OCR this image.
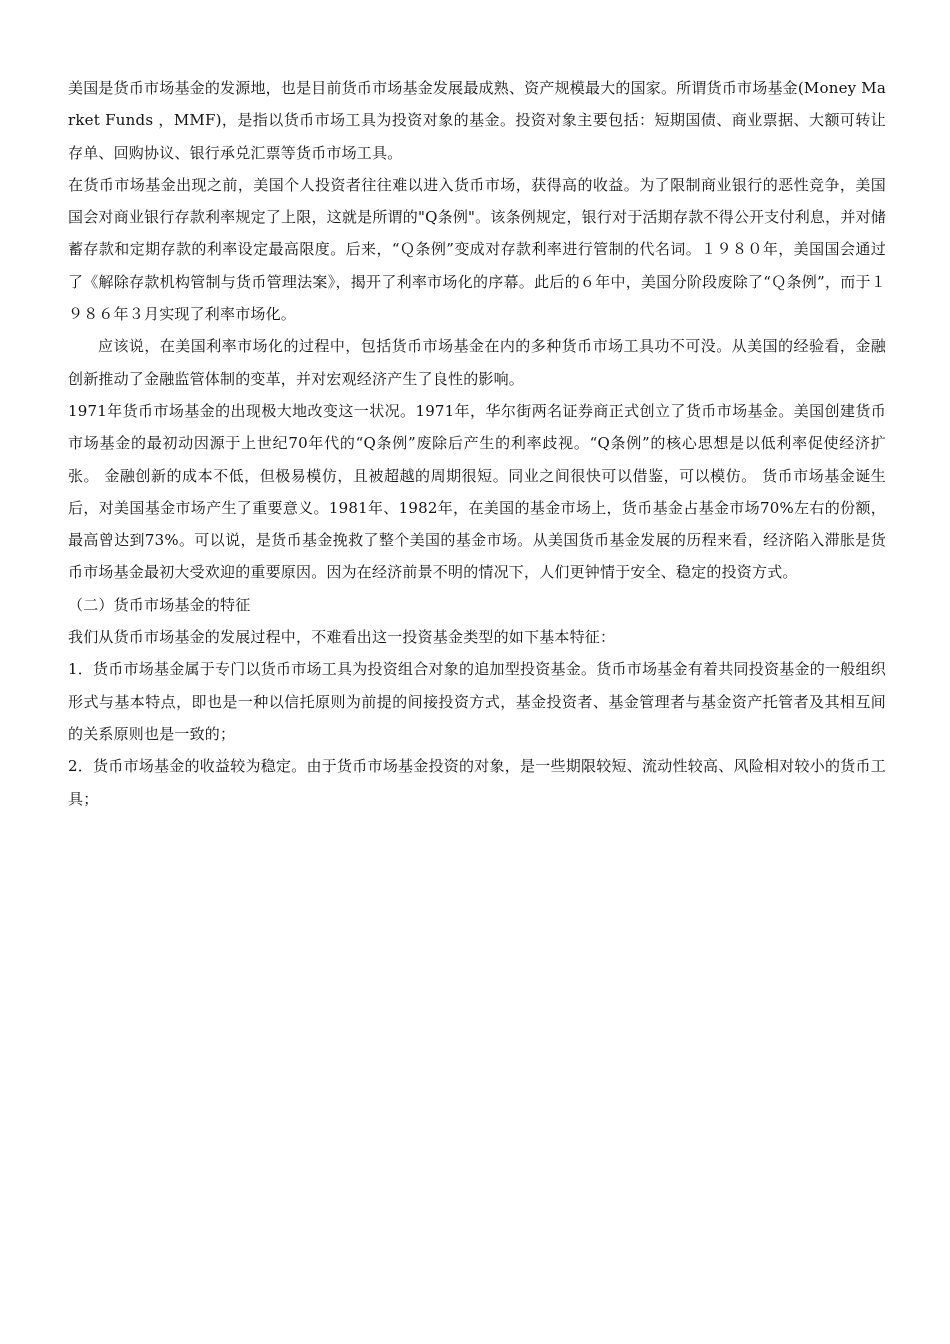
美国是货币市场基金的发源地，也是目前货币市场基金发展最成熟、资产规模最大的国家。所谓货币市场基金(Money Market Funds ，MMF)，是指以货币市场工具为投资对象的基金。投资对象主要包括：短期国债、商业票据、大额可转让存单、回购协议、银行承兑汇票等货币市场工具。

在货币市场基金出现之前，美国个人投资者往往难以进入货币市场，获得高的收益。为了限制商业银行的恶性竞争，美国国会对商业银行存款利率规定了上限，这就是所谓的"Q条例"。该条例规定，银行对于活期存款不得公开支付利息，并对储蓄存款和定期存款的利率设定最高限度。后来，“Ｑ条例”变成对存款利率进行管制的代名词。１９８０年，美国国会通过了《解除存款机构管制与货币管理法案》，揭开了利率市场化的序幕。此后的６年中，美国分阶段废除了“Ｑ条例”，而于１９８６年３月实现了利率市场化。

应该说，在美国利率市场化的过程中，包括货币市场基金在内的多种货币市场工具功不可没。从美国的经验看，金融创新推动了金融监管体制的变革，并对宏观经济产生了良性的影响。

1971年货币市场基金的出现极大地改变这一状况。1971年，华尔街两名证券商正式创立了货币市场基金。美国创建货币市场基金的最初动因源于上世纪70年代的“Q条例”废除后产生的利率歧视。“Q条例”的核心思想是以低利率促使经济扩张。 金融创新的成本不低，但极易模仿，且被超越的周期很短。同业之间很快可以借鉴，可以模仿。 货币市场基金诞生后，对美国基金市场产生了重要意义。1981年、1982年，在美国的基金市场上，货币基金占基金市场70%左右的份额，最高曾达到73%。可以说，是货币基金挽救了整个美国的基金市场。从美国货币基金发展的历程来看，经济陷入滞胀是货币市场基金最初大受欢迎的重要原因。因为在经济前景不明的情况下，人们更钟情于安全、稳定的投资方式。

（二）货币市场基金的特征

我们从货币市场基金的发展过程中，不难看出这一投资基金类型的如下基本特征：

1．货币市场基金属于专门以货币市场工具为投资组合对象的追加型投资基金。货币市场基金有着共同投资基金的一般组织形式与基本特点，即也是一种以信托原则为前提的间接投资方式，基金投资者、基金管理者与基金资产托管者及其相互间的关系原则也是一致的；

2．货币市场基金的收益较为稳定。由于货币市场基金投资的对象，是一些期限较短、流动性较高、风险相对较小的货币工具；
